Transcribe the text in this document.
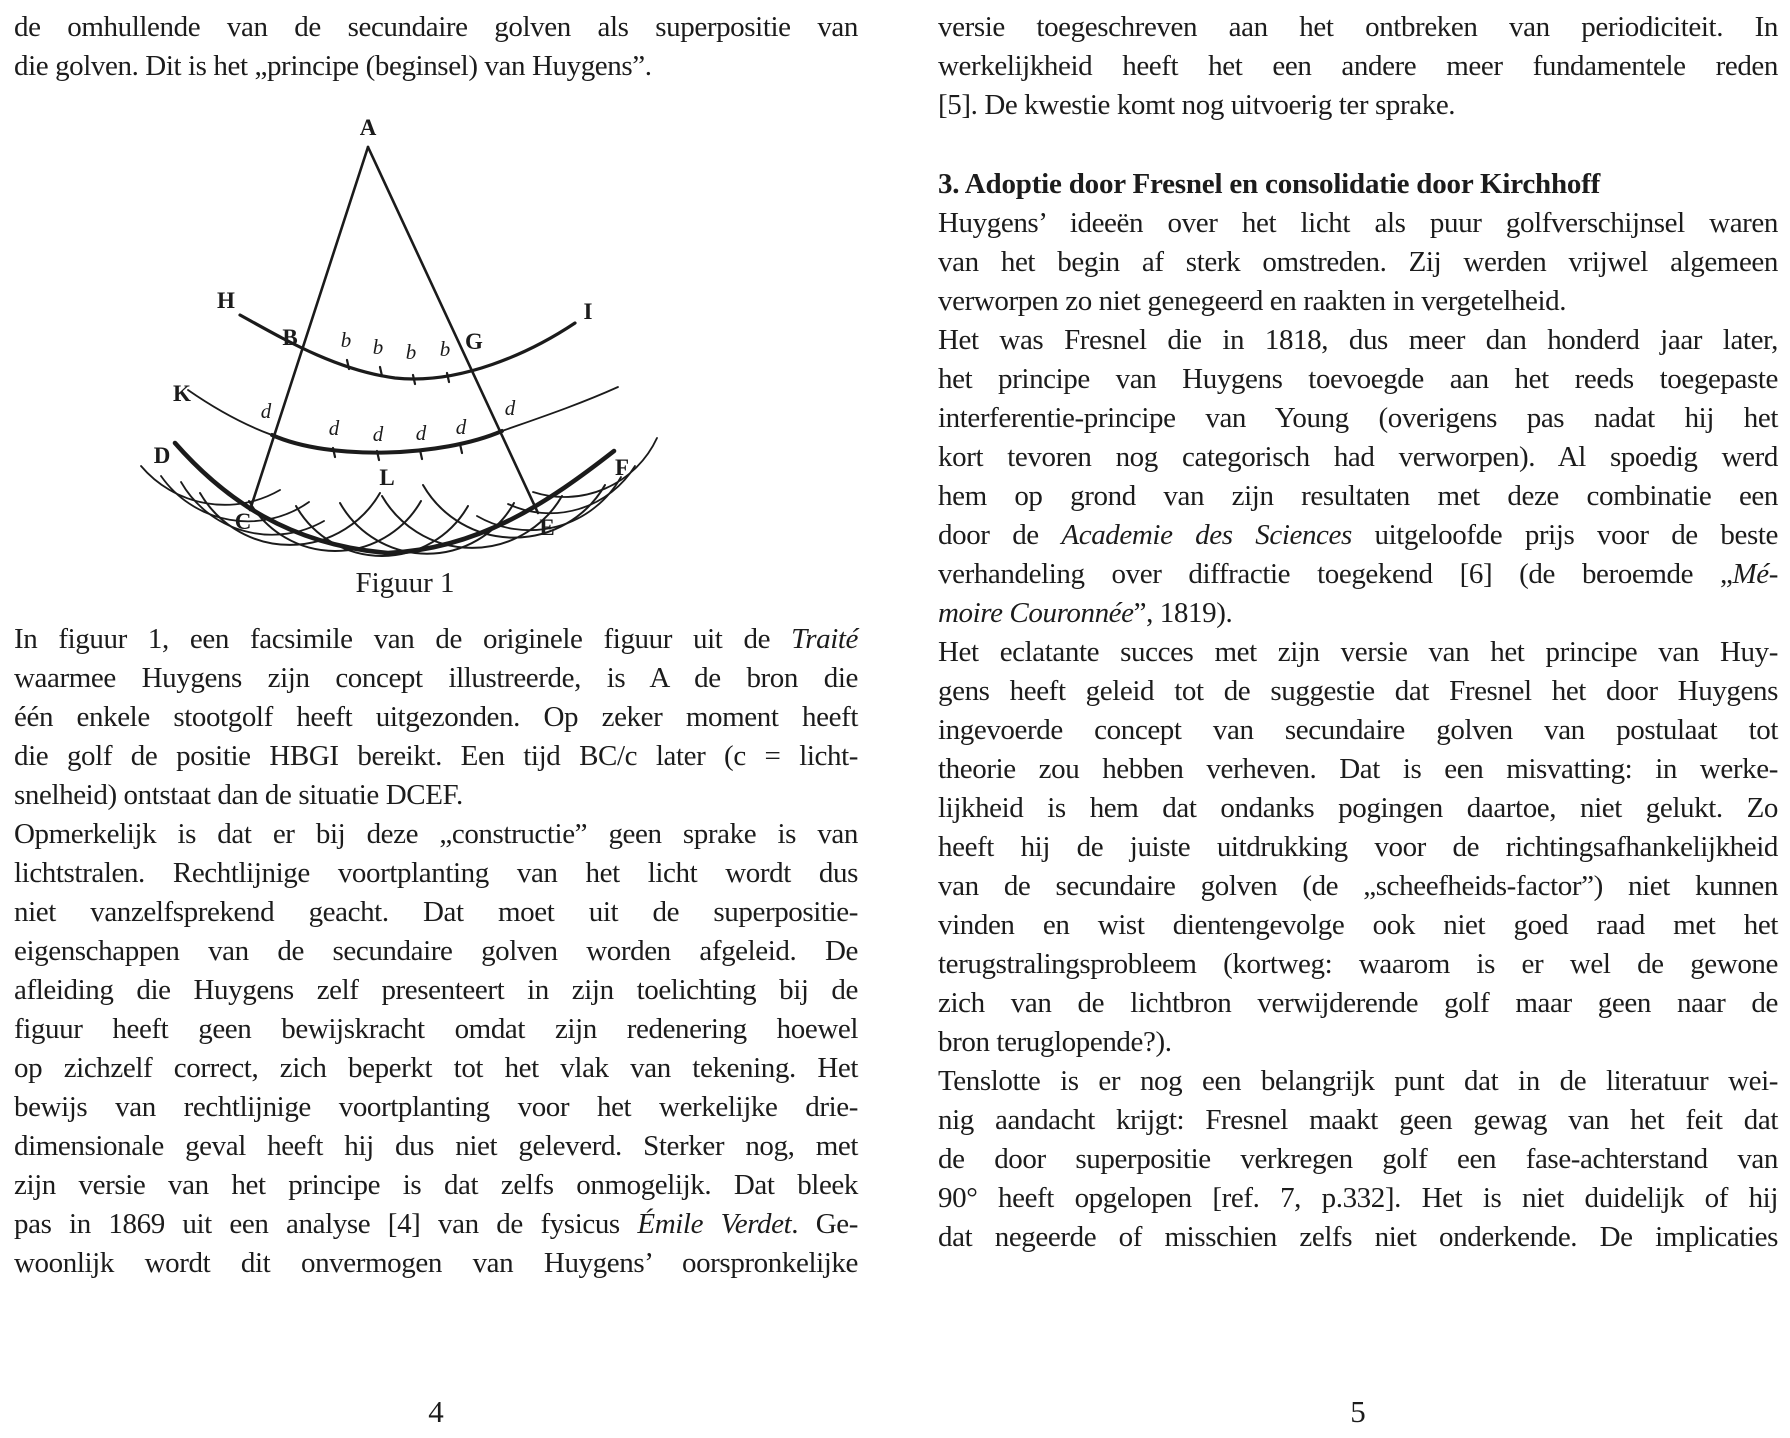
de omhullende van de secundaire golven als superpositie van
die golven. Dit is het „principe (beginsel) van Huygens”.
A
H
B	G
I
K
D
L
C	E
F
b b b b
d
d d d d
d
Figuur 1
In figuur 1, een facsimile van de originele figuur uit de Traité
waarmee Huygens zijn concept illustreerde, is A de bron die
één enkele stootgolf heeft uitgezonden. Op zeker moment heeft
die golf de positie HBGI bereikt. Een tijd BC/c later (c = licht-
snelheid) ontstaat dan de situatie DCEF.
Opmerkelijk is dat er bij deze „constructie” geen sprake is van
lichtstralen. Rechtlijnige voortplanting van het licht wordt dus
niet vanzelfsprekend geacht. Dat moet uit de superpositie-
eigenschappen van de secundaire golven worden afgeleid. De
afleiding die Huygens zelf presenteert in zijn toelichting bij de
figuur heeft geen bewijskracht omdat zijn redenering hoewel
op zichzelf correct, zich beperkt tot het vlak van tekening. Het
bewijs van rechtlijnige voortplanting voor het werkelijke drie-
dimensionale geval heeft hij dus niet geleverd. Sterker nog, met
zijn versie van het principe is dat zelfs onmogelijk. Dat bleek
pas in 1869 uit een analyse [4] van de fysicus Émile Verdet. Ge-
woonlijk wordt dit onvermogen van Huygens’ oorspronkelijke
versie toegeschreven aan het ontbreken van periodiciteit. In
werkelijkheid heeft het een andere meer fundamentele reden
[5]. De kwestie komt nog uitvoerig ter sprake.
3. Adoptie door Fresnel en consolidatie door Kirchhoff
Huygens’ ideeën over het licht als puur golfverschijnsel waren
van het begin af sterk omstreden. Zij werden vrijwel algemeen
verworpen zo niet genegeerd en raakten in vergetelheid.
Het was Fresnel die in 1818, dus meer dan honderd jaar later,
het principe van Huygens toevoegde aan het reeds toegepaste
interferentie-principe van Young (overigens pas nadat hij het
kort tevoren nog categorisch had verworpen). Al spoedig werd
hem op grond van zijn resultaten met deze combinatie een
door de Academie des Sciences uitgeloofde prijs voor de beste
verhandeling over diffractie toegekend [6] (de beroemde „Mé-
moire Couronnée”, 1819).
Het eclatante succes met zijn versie van het principe van Huy-
gens heeft geleid tot de suggestie dat Fresnel het door Huygens
ingevoerde concept van secundaire golven van postulaat tot
theorie zou hebben verheven. Dat is een misvatting: in werke-
lijkheid is hem dat ondanks pogingen daartoe, niet gelukt. Zo
heeft hij de juiste uitdrukking voor de richtingsafhankelijkheid
van de secundaire golven (de „scheefheids-factor”) niet kunnen
vinden en wist dientengevolge ook niet goed raad met het
terugstralingsprobleem (kortweg: waarom is er wel de gewone
zich van de lichtbron verwijderende golf maar geen naar de
bron teruglopende?).
Tenslotte is er nog een belangrijk punt dat in de literatuur wei-
nig aandacht krijgt: Fresnel maakt geen gewag van het feit dat
de door superpositie verkregen golf een fase-achterstand van
90° heeft opgelopen [ref. 7, p.332]. Het is niet duidelijk of hij
dat negeerde of misschien zelfs niet onderkende. De implicaties
4	5
